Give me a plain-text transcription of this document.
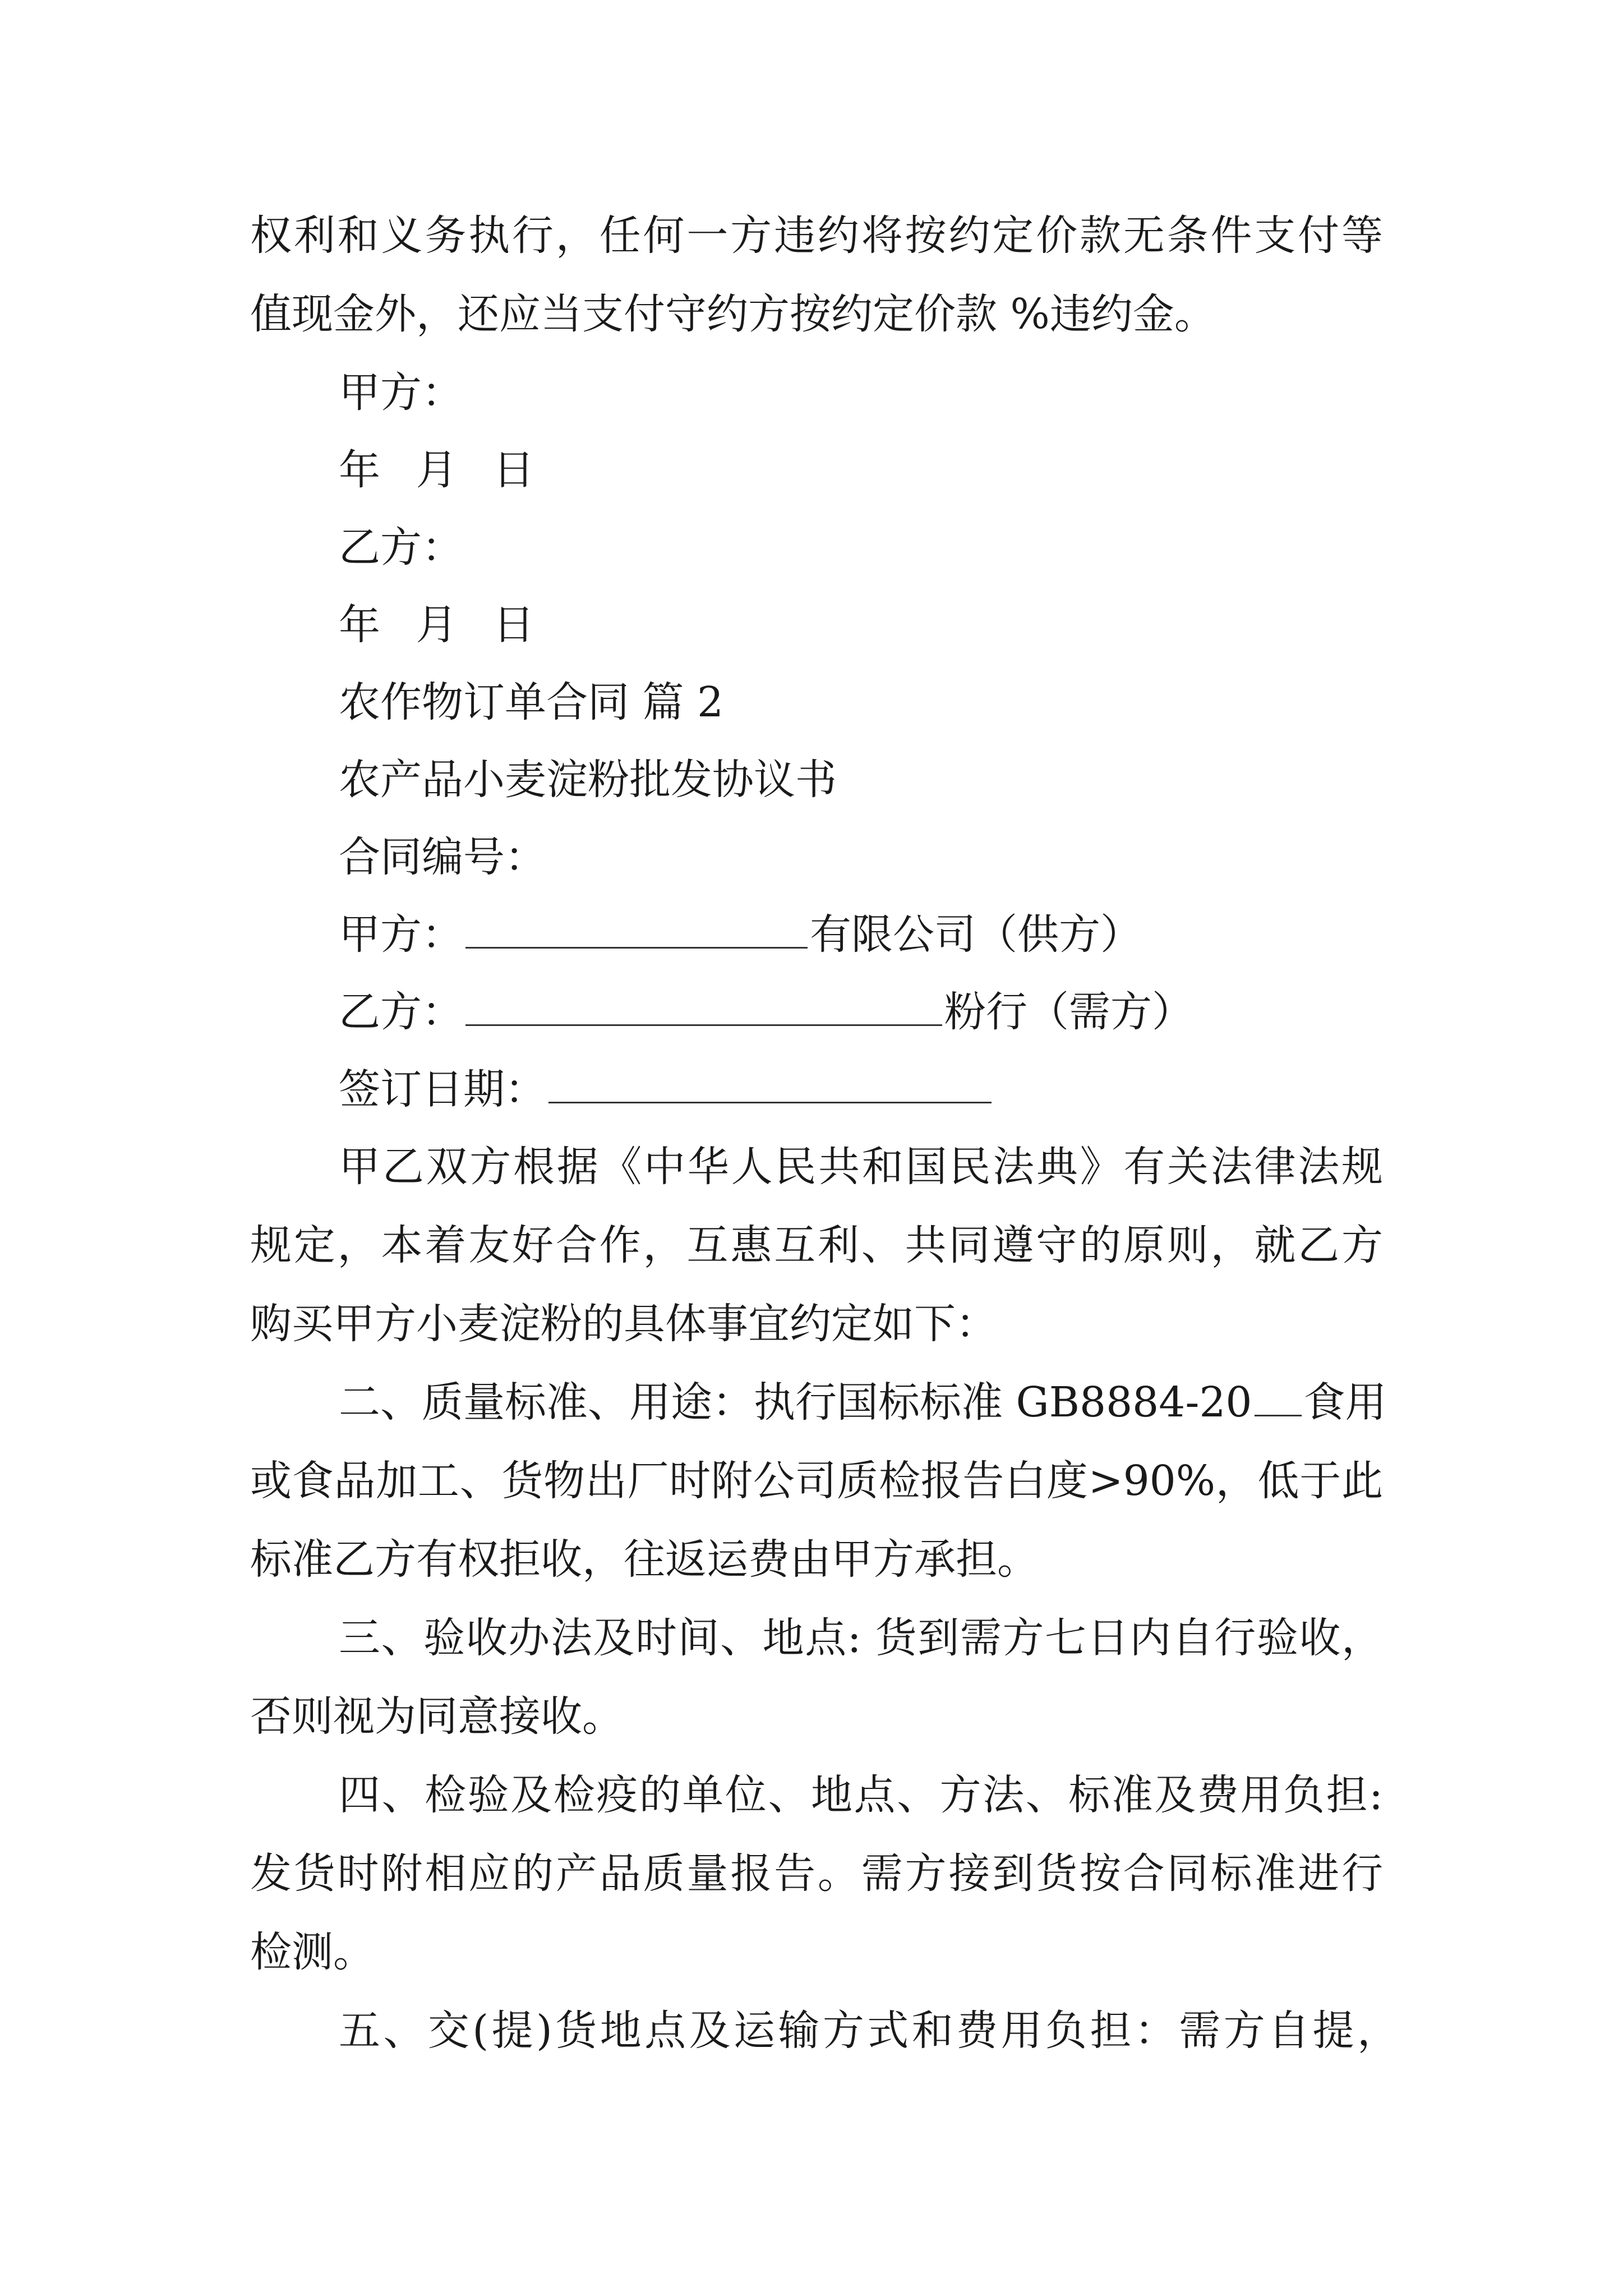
权利和义务执行，任何一方违约将按约定价款无条件支付等
值现金外，还应当支付守约方按约定价款 %违约金。
甲方：
年 月 日
乙方：
年 月 日
农作物订单合同 篇 2
农产品小麦淀粉批发协议书
合同编号：
甲方：	有限公司（供方）
乙方：	粉行（需方）
签订日期：
甲乙双方根据《中华人民共和国民法典》有关法律法规
规定，本着友好合作，互惠互利、共同遵守的原则，就乙方
购买甲方小麦淀粉的具体事宜约定如下：
二、质量标准、用途：执行国标标准 GB8884-20 食用
或食品加工、货物出厂时附公司质检报告白度>90%，低于此
标准乙方有权拒收，往返运费由甲方承担。
三、验收办法及时间、地点: 货到需方七日内自行验收，
否则视为同意接收。
四、检验及检疫的单位、地点、方法、标准及费用负担:
发货时附相应的产品质量报告。需方接到货按合同标准进行
检测。
五、交(提)货地点及运输方式和费用负担：需方自提，
